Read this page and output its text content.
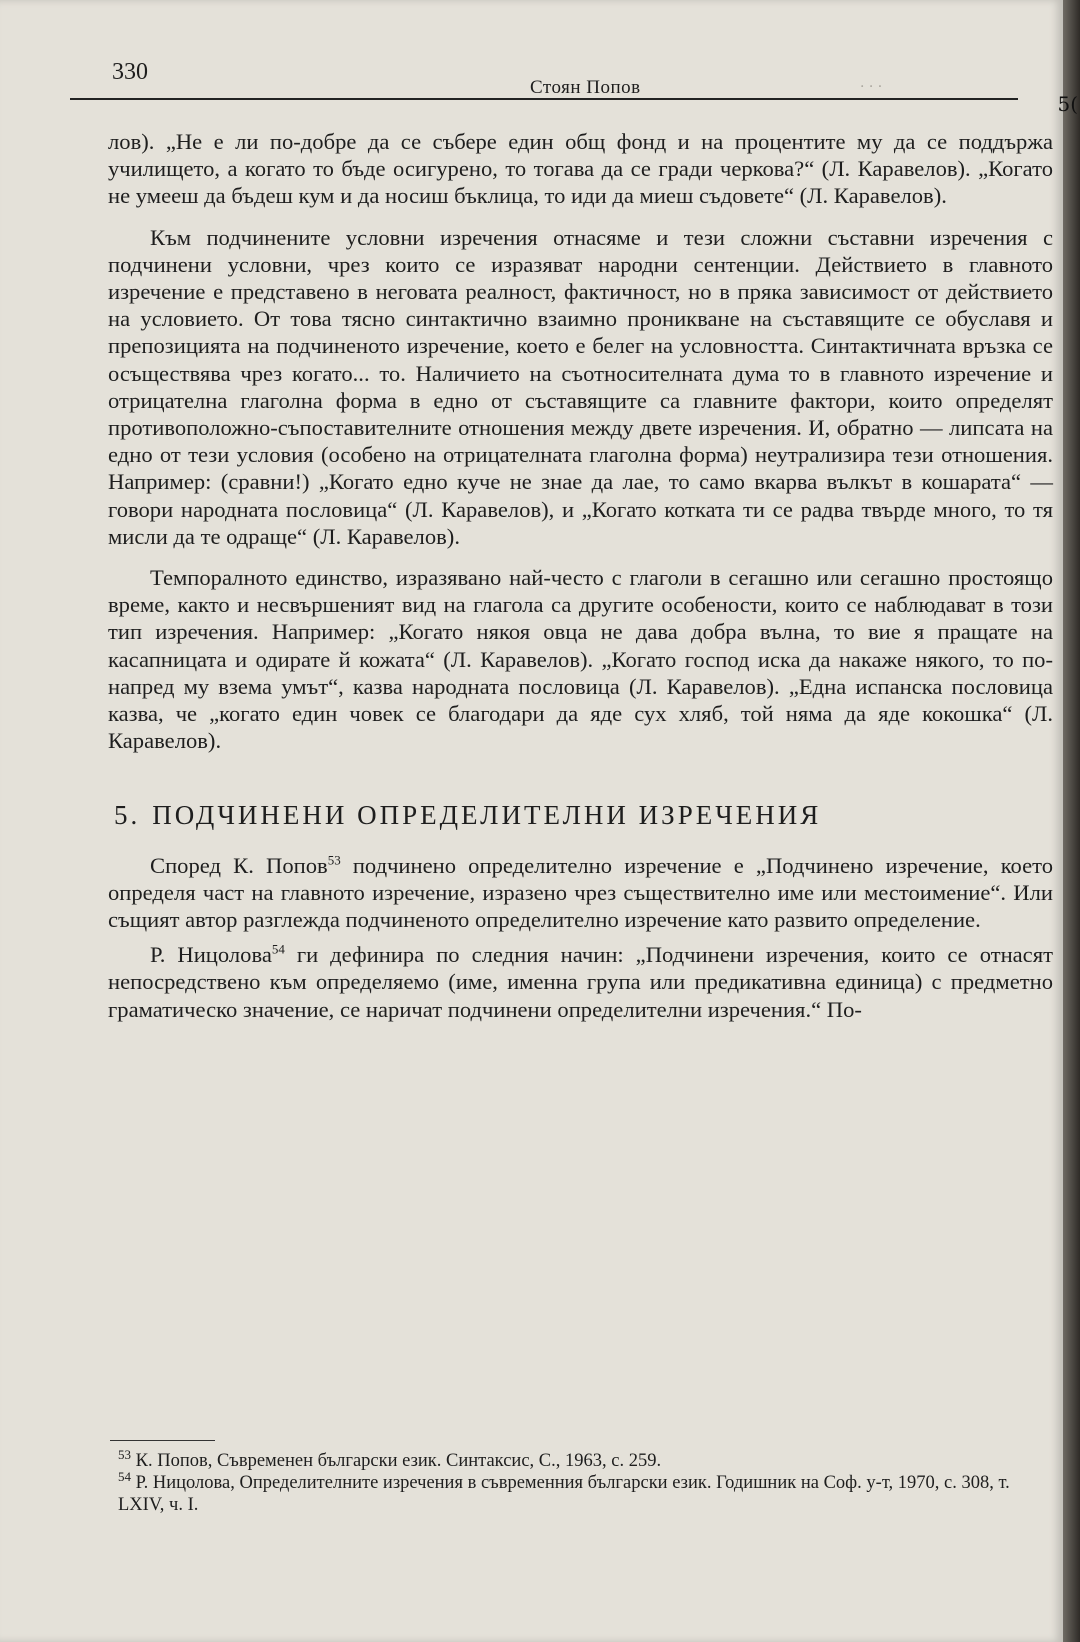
330
Стоян Попов	· · ·

лов). „Не е ли по-добре да се събере един общ фонд и на процентите му да се поддържа училището, а когато то бъде осигурено, то тогава да се гради черкова?“ (Л. Каравелов). „Когато не умееш да бъдеш кум и да носиш бъклица, то иди да миеш съдовете“ (Л. Каравелов).

Към подчинените условни изречения отнасяме и тези сложни съставни изречения с подчинени условни, чрез които се изразяват народни сентенции. Действието в главното изречение е представено в неговата реалност, фактичност, но в пряка зависимост от действието на условието. От това тясно синтактично взаимно проникване на съставящите се обуславя и препозицията на подчиненото изречение, което е белег на условността. Синтактичната връзка се осъществява чрез когато... то. Наличието на съотносителната дума то в главното изречение и отрицателна глаголна форма в едно от съставящите са главните фактори, които определят противоположно-съпоставителните отношения между двете изречения. И, обратно — липсата на едно от тези условия (особено на отрицателната глаголна форма) неутрализира тези отношения. Например: (сравни!) „Когато едно куче не знае да лае, то само вкарва вълкът в кошарата“ — говори народната пословица“ (Л. Каравелов), и „Когато котката ти се радва твърде много, то тя мисли да те одраще“ (Л. Каравелов).

Темпоралното единство, изразявано най-често с глаголи в сегашно или сегашно простоящо време, както и несвършеният вид на глагола са другите особености, които се наблюдават в този тип изречения. Например: „Когато някоя овца не дава добра вълна, то вие я пращате на касапницата и одирате й кожата“ (Л. Каравелов). „Когато господ иска да накаже някого, то по-напред му взема умът“, казва народната пословица (Л. Каравелов). „Една испанска пословица казва, че „когато един човек се благодари да яде сух хляб, той няма да яде кокошка“ (Л. Каравелов).

5. ПОДЧИНЕНИ ОПРЕДЕЛИТЕЛНИ ИЗРЕЧЕНИЯ

Според К. Попов$^{53}$ подчинено определително изречение е „Подчинено изречение, което определя част на главното изречение, изразено чрез съществително име или местоимение“. Или същият автор разглежда подчиненото определително изречение като развито определение.

Р. Ницолова$^{54}$ ги дефинира по следния начин: „Подчинени изречения, които се отнасят непосредствено към определяемо (име, именна група или предикативна единица) с предметно граматическо значение, се наричат подчинени определителни изречения.“ По-

$^{53}$ К. Попов, Съвременен български език. Синтаксис, С., 1963, с. 259.

$^{54}$ Р. Ницолова, Определителните изречения в съвременния български език. Годишник на Соф. у-т, 1970, с. 308, т. LXIV, ч. I.

5(
